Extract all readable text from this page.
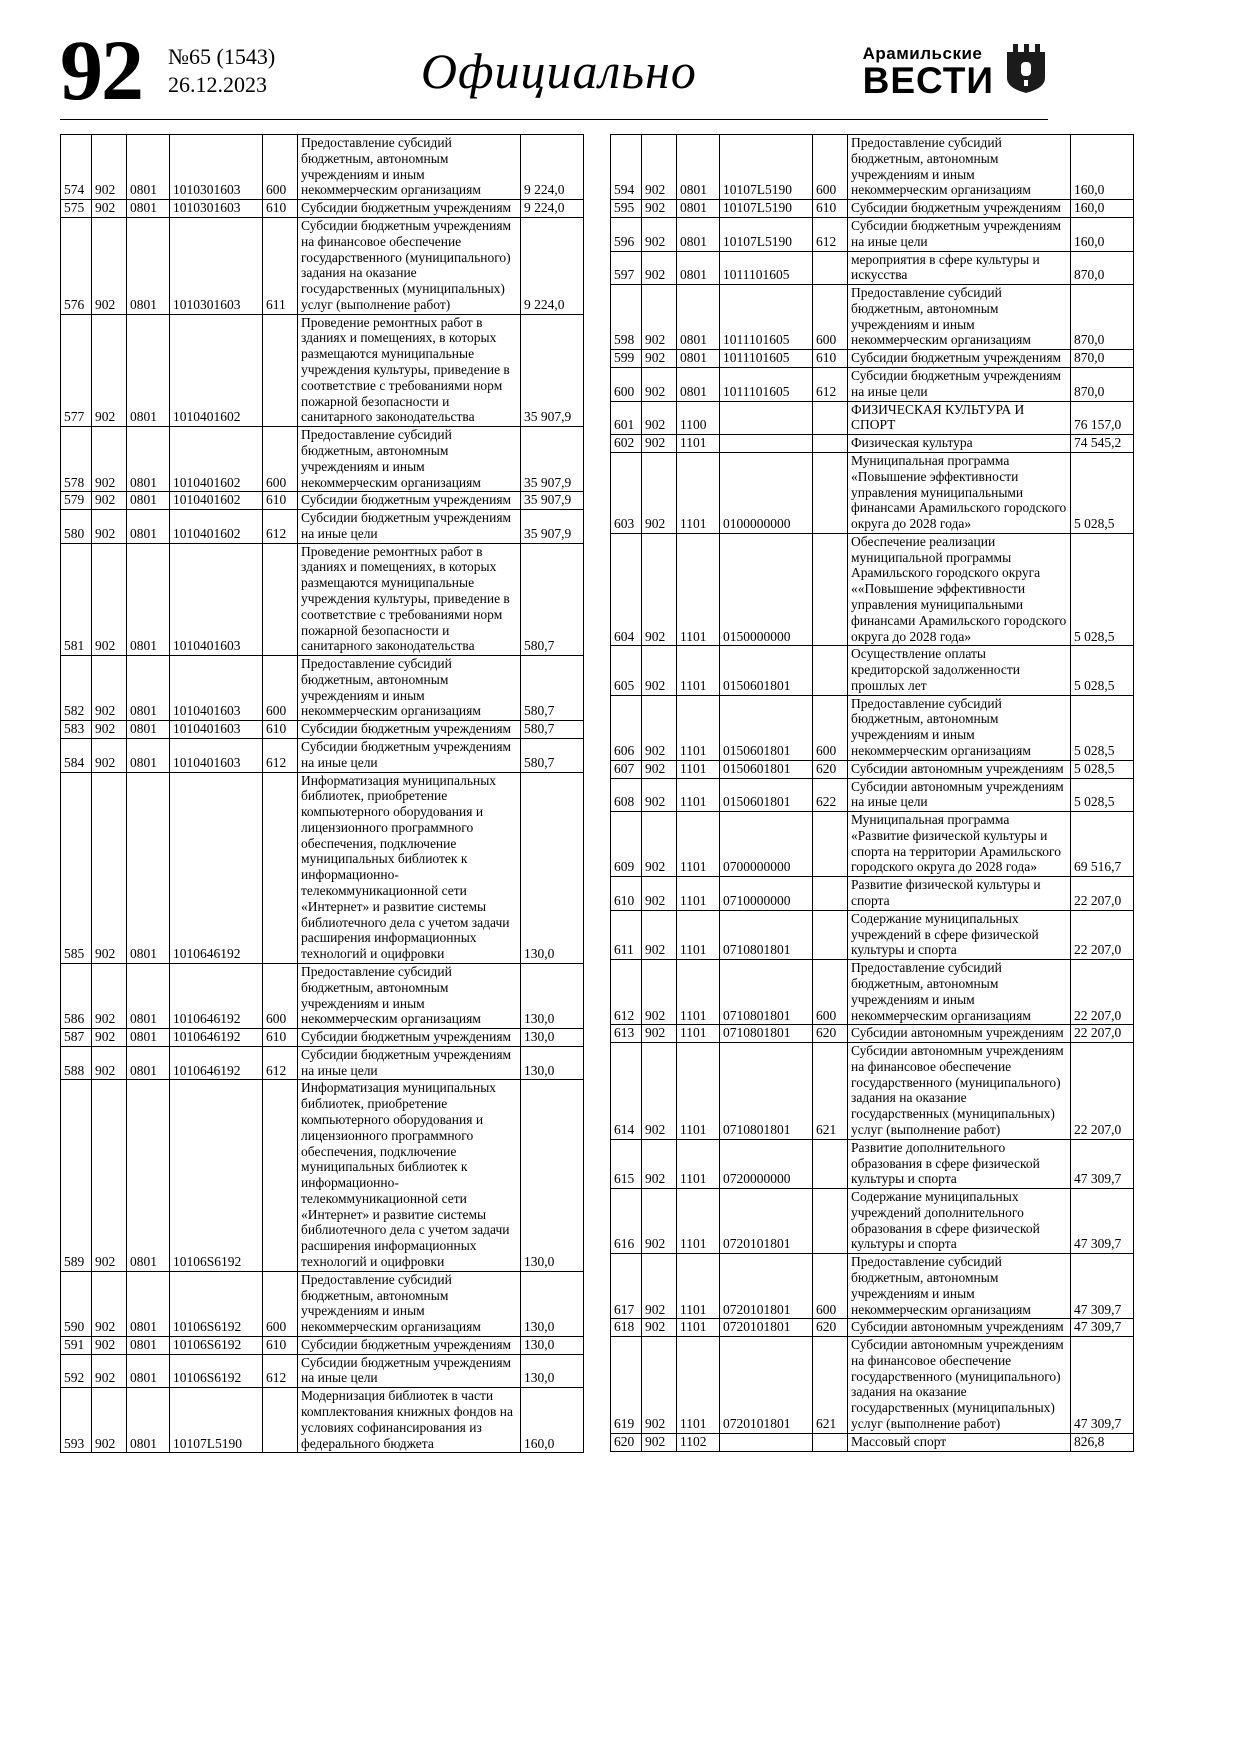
92 №65 (1543)
26.12.2023	Официально	Арамильские
ВЕСТИ
574	902	0801	1010301603	600	Предоставление субсидий бюджетным, автономным учреждениям и иным некоммерческим организациям	9 224,0
575	902	0801	1010301603	610	Субсидии бюджетным учреждениям	9 224,0
576	902	0801	1010301603	611	Субсидии бюджетным учреждениям на финансовое обеспечение государственного (муниципального) задания на оказание государственных (муниципальных) услуг (выполнение работ)	9 224,0
577	902	0801	1010401602		Проведение ремонтных работ в зданиях и помещениях, в которых размещаются муниципальные учреждения культуры, приведение в соответствие с требованиями норм пожарной безопасности и санитарного законодательства	35 907,9
578	902	0801	1010401602	600	Предоставление субсидий бюджетным, автономным учреждениям и иным некоммерческим организациям	35 907,9
579	902	0801	1010401602	610	Субсидии бюджетным учреждениям	35 907,9
580	902	0801	1010401602	612	Субсидии бюджетным учреждениям на иные цели	35 907,9
581	902	0801	1010401603		Проведение ремонтных работ в зданиях и помещениях, в которых размещаются муниципальные учреждения культуры, приведение в соответствие с требованиями норм пожарной безопасности и санитарного законодательства	580,7
582	902	0801	1010401603	600	Предоставление субсидий бюджетным, автономным учреждениям и иным некоммерческим организациям	580,7
583	902	0801	1010401603	610	Субсидии бюджетным учреждениям	580,7
584	902	0801	1010401603	612	Субсидии бюджетным учреждениям на иные цели	580,7
585	902	0801	1010646192		Информатизация муниципальных библиотек, приобретение компьютерного оборудования и лицензионного программного обеспечения, подключение муниципальных библиотек к информационно-телекоммуникационной сети «Интернет» и развитие системы библиотечного дела с учетом задачи расширения информационных технологий и оцифровки	130,0
586	902	0801	1010646192	600	Предоставление субсидий бюджетным, автономным учреждениям и иным некоммерческим организациям	130,0
587	902	0801	1010646192	610	Субсидии бюджетным учреждениям	130,0
588	902	0801	1010646192	612	Субсидии бюджетным учреждениям на иные цели	130,0
589	902	0801	10106S6192		Информатизация муниципальных библиотек, приобретение компьютерного оборудования и лицензионного программного обеспечения, подключение муниципальных библиотек к информационно-телекоммуникационной сети «Интернет» и развитие системы библиотечного дела с учетом задачи расширения информационных технологий и оцифровки	130,0
590	902	0801	10106S6192	600	Предоставление субсидий бюджетным, автономным учреждениям и иным некоммерческим организациям	130,0
591	902	0801	10106S6192	610	Субсидии бюджетным учреждениям	130,0
592	902	0801	10106S6192	612	Субсидии бюджетным учреждениям на иные цели	130,0
593	902	0801	10107L5190		Модернизация библиотек в части комплектования книжных фондов на условиях софинансирования из федерального бюджета	160,0
594	902	0801	10107L5190	600	Предоставление субсидий бюджетным, автономным учреждениям и иным некоммерческим организациям	160,0
595	902	0801	10107L5190	610	Субсидии бюджетным учреждениям	160,0
596	902	0801	10107L5190	612	Субсидии бюджетным учреждениям на иные цели	160,0
597	902	0801	1011101605		мероприятия в сфере культуры и искусства	870,0
598	902	0801	1011101605	600	Предоставление субсидий бюджетным, автономным учреждениям и иным некоммерческим организациям	870,0
599	902	0801	1011101605	610	Субсидии бюджетным учреждениям	870,0
600	902	0801	1011101605	612	Субсидии бюджетным учреждениям на иные цели	870,0
601	902	1100			ФИЗИЧЕСКАЯ КУЛЬТУРА И СПОРТ	76 157,0
602	902	1101			Физическая культура	74 545,2
603	902	1101	0100000000		Муниципальная программа «Повышение эффективности управления муниципальными финансами Арамильского городского округа до 2028 года»	5 028,5
604	902	1101	0150000000		Обеспечение реализации муниципальной программы Арамильского городского округа ««Повышение эффективности управления муниципальными финансами Арамильского городского округа до 2028 года»	5 028,5
605	902	1101	0150601801		Осуществление оплаты кредиторской задолженности прошлых лет	5 028,5
606	902	1101	0150601801	600	Предоставление субсидий бюджетным, автономным учреждениям и иным некоммерческим организациям	5 028,5
607	902	1101	0150601801	620	Субсидии автономным учреждениям	5 028,5
608	902	1101	0150601801	622	Субсидии автономным учреждениям на иные цели	5 028,5
609	902	1101	0700000000		Муниципальная программа «Развитие физической культуры и спорта на территории Арамильского городского округа до 2028 года»	69 516,7
610	902	1101	0710000000		Развитие физической культуры и спорта	22 207,0
611	902	1101	0710801801		Содержание муниципальных учреждений в сфере физической культуры и спорта	22 207,0
612	902	1101	0710801801	600	Предоставление субсидий бюджетным, автономным учреждениям и иным некоммерческим организациям	22 207,0
613	902	1101	0710801801	620	Субсидии автономным учреждениям	22 207,0
614	902	1101	0710801801	621	Субсидии автономным учреждениям на финансовое обеспечение государственного (муниципального) задания на оказание государственных (муниципальных) услуг (выполнение работ)	22 207,0
615	902	1101	0720000000		Развитие дополнительного образования в сфере физической культуры и спорта	47 309,7
616	902	1101	0720101801		Содержание муниципальных учреждений дополнительного образования в сфере физической культуры и спорта	47 309,7
617	902	1101	0720101801	600	Предоставление субсидий бюджетным, автономным учреждениям и иным некоммерческим организациям	47 309,7
618	902	1101	0720101801	620	Субсидии автономным учреждениям	47 309,7
619	902	1101	0720101801	621	Субсидии автономным учреждениям на финансовое обеспечение государственного (муниципального) задания на оказание государственных (муниципальных) услуг (выполнение работ)	47 309,7
620	902	1102			Массовый спорт	826,8
